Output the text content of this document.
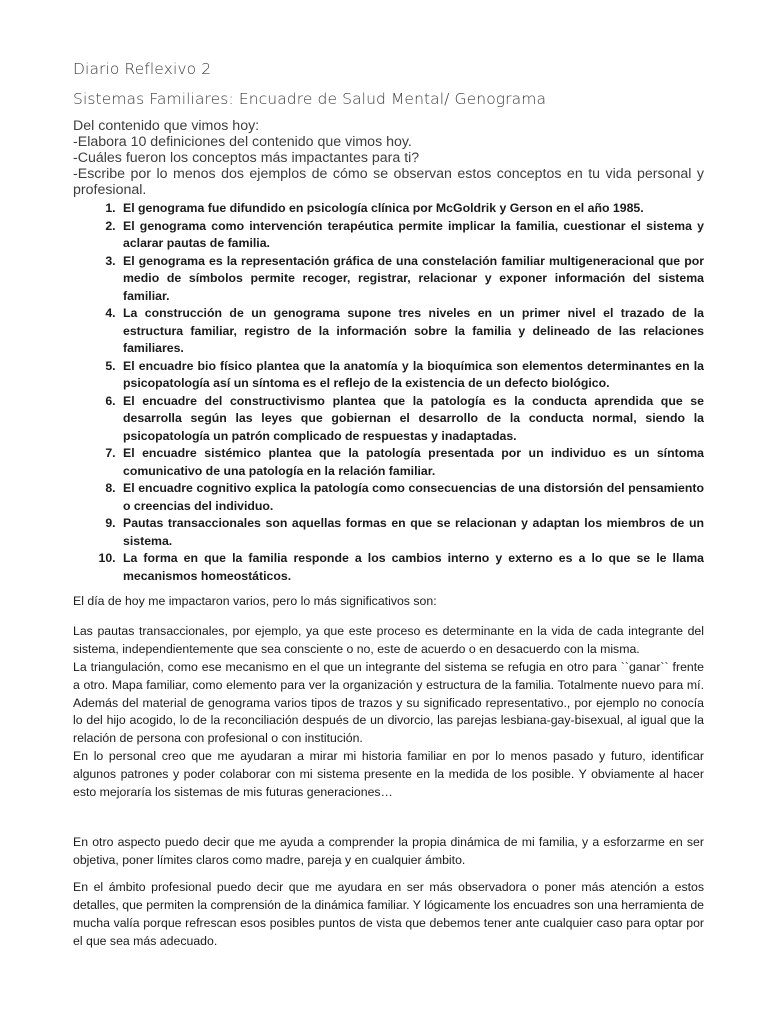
Diario Reflexivo 2
Sistemas Familiares: Encuadre de Salud Mental/ Genograma

Del contenido que vimos hoy:

-Elabora 10 definiciones del contenido que vimos hoy.

-Cuáles fueron los conceptos más impactantes para ti?

-Escribe por lo menos dos ejemplos de cómo se observan estos conceptos en tu vida personal y profesional.

1. El genograma fue difundido en psicología clínica por McGoldrik y Gerson en el año 1985.
2. El genograma como intervención terapéutica permite implicar la familia, cuestionar el sistema y aclarar pautas de familia.
3. El genograma es la representación gráfica de una constelación familiar multigeneracional que por medio de símbolos permite recoger, registrar, relacionar y exponer información del sistema familiar.
4. La construcción de un genograma supone tres niveles en un primer nivel el trazado de la estructura familiar, registro de la información sobre la familia y delineado de las relaciones familiares.
5. El encuadre bio físico plantea que la anatomía y la bioquímica son elementos determinantes en la psicopatología así un síntoma es el reflejo de la existencia de un defecto biológico.
6. El encuadre del constructivismo plantea que la patología es la conducta aprendida que se desarrolla según las leyes que gobiernan el desarrollo de la conducta normal, siendo la psicopatología un patrón complicado de respuestas y inadaptadas.
7. El encuadre sistémico plantea que la patología presentada por un individuo es un síntoma comunicativo de una patología en la relación familiar.
8. El encuadre cognitivo explica la patología como consecuencias de una distorsión del pensamiento o creencias del individuo.
9. Pautas transaccionales son aquellas formas en que se relacionan y adaptan los miembros de un sistema.
10. La forma en que la familia responde a los cambios interno y externo es a lo que se le llama mecanismos homeostáticos.

El día de hoy me impactaron varios, pero lo más significativos son:

Las pautas transaccionales, por ejemplo, ya que este proceso es determinante en la vida de cada integrante del sistema, independientemente que sea consciente o no, este de acuerdo o en desacuerdo con la misma.

La triangulación, como ese mecanismo en el que un integrante del sistema se refugia en otro para ``ganar`` frente a otro. Mapa familiar, como elemento para ver la organización y estructura de la familia. Totalmente nuevo para mí. Además del material de genograma varios tipos de trazos y su significado representativo., por ejemplo no conocía lo del hijo acogido, lo de la reconciliación después de un divorcio, las parejas lesbiana-gay-bisexual, al igual que la relación de persona con profesional o con institución.

En lo personal creo que me ayudaran a mirar mi historia familiar en por lo menos pasado y futuro, identificar algunos patrones y poder colaborar con mi sistema presente en la medida de los posible. Y obviamente al hacer esto mejoraría los sistemas de mis futuras generaciones…

En otro aspecto puedo decir que me ayuda a comprender la propia dinámica de mi familia, y a esforzarme en ser objetiva, poner límites claros como madre, pareja y en cualquier ámbito.

En el ámbito profesional puedo decir que me ayudara en ser más observadora o poner más atención a estos detalles, que permiten la comprensión de la dinámica familiar. Y lógicamente los encuadres son una herramienta de mucha valía porque refrescan esos posibles puntos de vista que debemos tener ante cualquier caso para optar por el que sea más adecuado.
